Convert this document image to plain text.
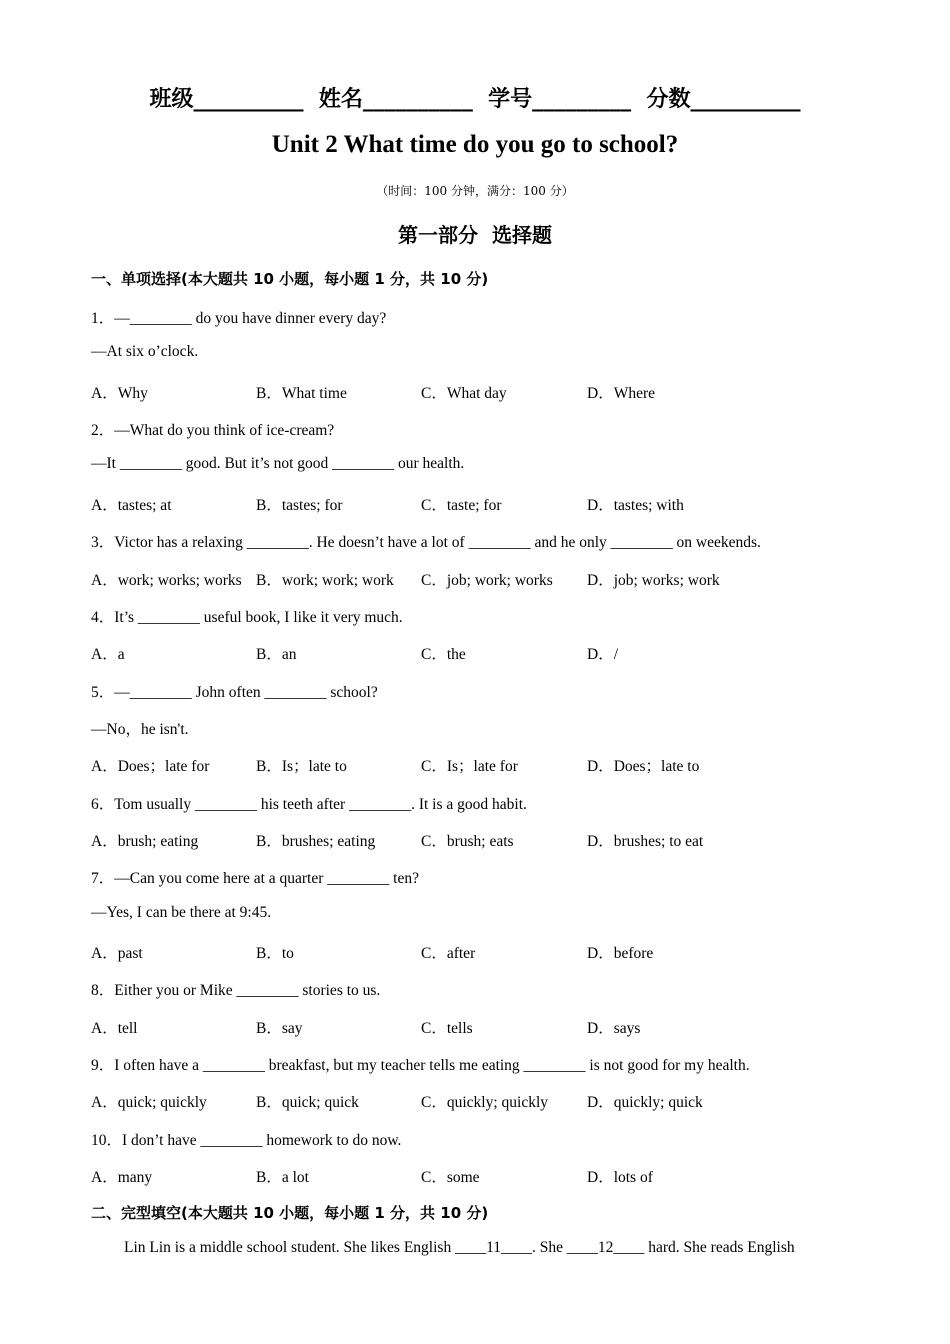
班级__________  姓名__________  学号_________  分数__________
Unit 2 What time do you go to school?
（时间：100 分钟，满分：100 分）
第一部分  选择题
一、单项选择(本大题共 10 小题，每小题 1 分，共 10 分)
1．—________ do you have dinner every day?
—At six o’clock.
A．Why	B．What time	C．What day	D．Where
2．—What do you think of ice-cream?
—It ________ good. But it’s not good ________ our health.
A．tastes; at	B．tastes; for	C．taste; for	D．tastes; with
3．Victor has a relaxing ________. He doesn’t have a lot of ________ and he only ________ on weekends.
A．work; works; works B．work; work; work C．job; work; works D．job; works; work
4．It’s ________ useful book, I like it very much.
A．a	B．an	C．the	D．/
5．—________ John often ________ school?
—No，he isn't.
A．Does；late for	B．Is；late to	C．Is；late for	D．Does；late to
6．Tom usually ________ his teeth after ________. It is a good habit.
A．brush; eating	B．brushes; eating	C．brush; eats	D．brushes; to eat
7．—Can you come here at a quarter ________ ten?
—Yes, I can be there at 9:45.
A．past	B．to	C．after	D．before
8．Either you or Mike ________ stories to us.
A．tell	B．say	C．tells	D．says
9．I often have a ________ breakfast, but my teacher tells me eating ________ is not good for my health.
A．quick; quickly	B．quick; quick	C．quickly; quickly	D．quickly; quick
10．I don’t have ________ homework to do now.
A．many	B．a lot	C．some	D．lots of
二、完型填空(本大题共 10 小题，每小题 1 分，共 10 分)
Lin Lin is a middle school student. She likes English ____11____. She ____12____ hard. She reads English
